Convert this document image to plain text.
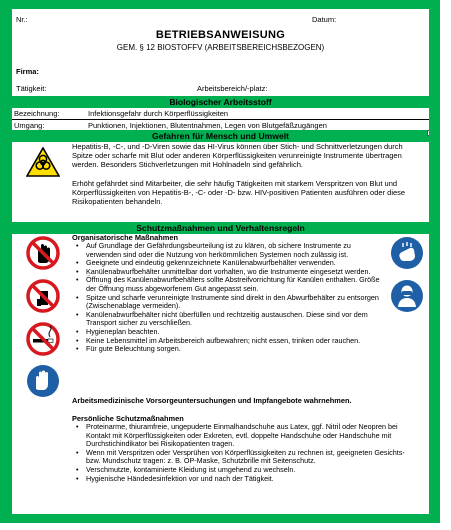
Nr.:	Datum:
BETRIEBSANWEISUNG
GEM. § 12 BIOSTOFFV (ARBEITSBEREICHSBEZOGEN)
Firma:
Tätigkeit:	Arbeitsbereich/-platz:
Biologischer Arbeitsstoff
Bezeichnung:	Infektionsgefahr durch Körperflüssigkeiten
Umgang:	Punktionen, Injektionen, Blutentnahmen, Legen von Blutgefäßzugängen
Gefahren für Mensch und Umwelt
Hepatitis-B, -C-, und -D-Viren sowie das HI-Virus können über Stich- und Schnittverletzungen durch Spitze oder scharfe mit Blut oder anderen Körperflüssigkeiten verunreinigte Instrumente übertragen werden. Besonders Stichverletzungen mit Hohlnadeln sind gefährlich.
Erhöht gefährdet sind Mitarbeiter, die sehr häufig Tätigkeiten mit starkem Verspritzen von Blut und Körperflüssigkeiten von Hepatitis-B-, -C- oder -D- bzw. HIV-positiven Patienten ausführen oder diese Risikopatienten behandeln.
Schutzmaßnahmen und Verhaltensregeln
Organisatorische Maßnahmen
• Auf Grundlage der Gefährdungsbeurteilung ist zu klären, ob sichere Instrumente zu verwenden sind oder die Nutzung von herkömmlichen Systemen noch zulässig ist.
• Geeignete und eindeutig gekennzeichnete Kanülenabwurfbehälter verwenden.
• Kanülenabwurfbehälter unmittelbar dort vorhalten, wo die Instrumente eingesetzt werden.
• Öffnung des Kanülenabwurfbehälters sollte Abstreifvorrichtung für Kanülen enthalten. Größe der Öffnung muss abgeworfenem Gut angepasst sein.
• Spitze und scharfe verunreinigte Instrumente sind direkt in den Abwurfbehälter zu entsorgen (Zwischenablage vermeiden).
• Kanülenabwurfbehälter nicht überfüllen und rechtzeitig austauschen. Diese sind vor dem Transport sicher zu verschließen.
• Hygieneplan beachten.
• Keine Lebensmittel im Arbeitsbereich aufbewahren; nicht essen, trinken oder rauchen.
• Für gute Beleuchtung sorgen.
Arbeitsmedizinische Vorsorgeuntersuchungen und Impfangebote wahrnehmen.
Persönliche Schutzmaßnahmen
• Proteinarme, thiuramfreie, ungepuderte Einmalhandschuhe aus Latex, ggf. Nitril oder Neopren bei Kontakt mit Körperflüssigkeiten oder Exkreten, evtl. doppelte Handschuhe oder Handschuhe mit Durchstichindikator bei Risikopatienten tragen.
• Wenn mit Verspritzen oder Versprühen von Körperflüssigkeiten zu rechnen ist, geeigneten Gesichts- bzw. Mundschutz tragen: z. B. OP-Maske, Schutzbrille mit Seitenschutz.
• Verschmutzte, kontaminierte Kleidung ist umgehend zu wechseln.
• Hygienische Händedesinfektion vor und nach der Tätigkeit.
